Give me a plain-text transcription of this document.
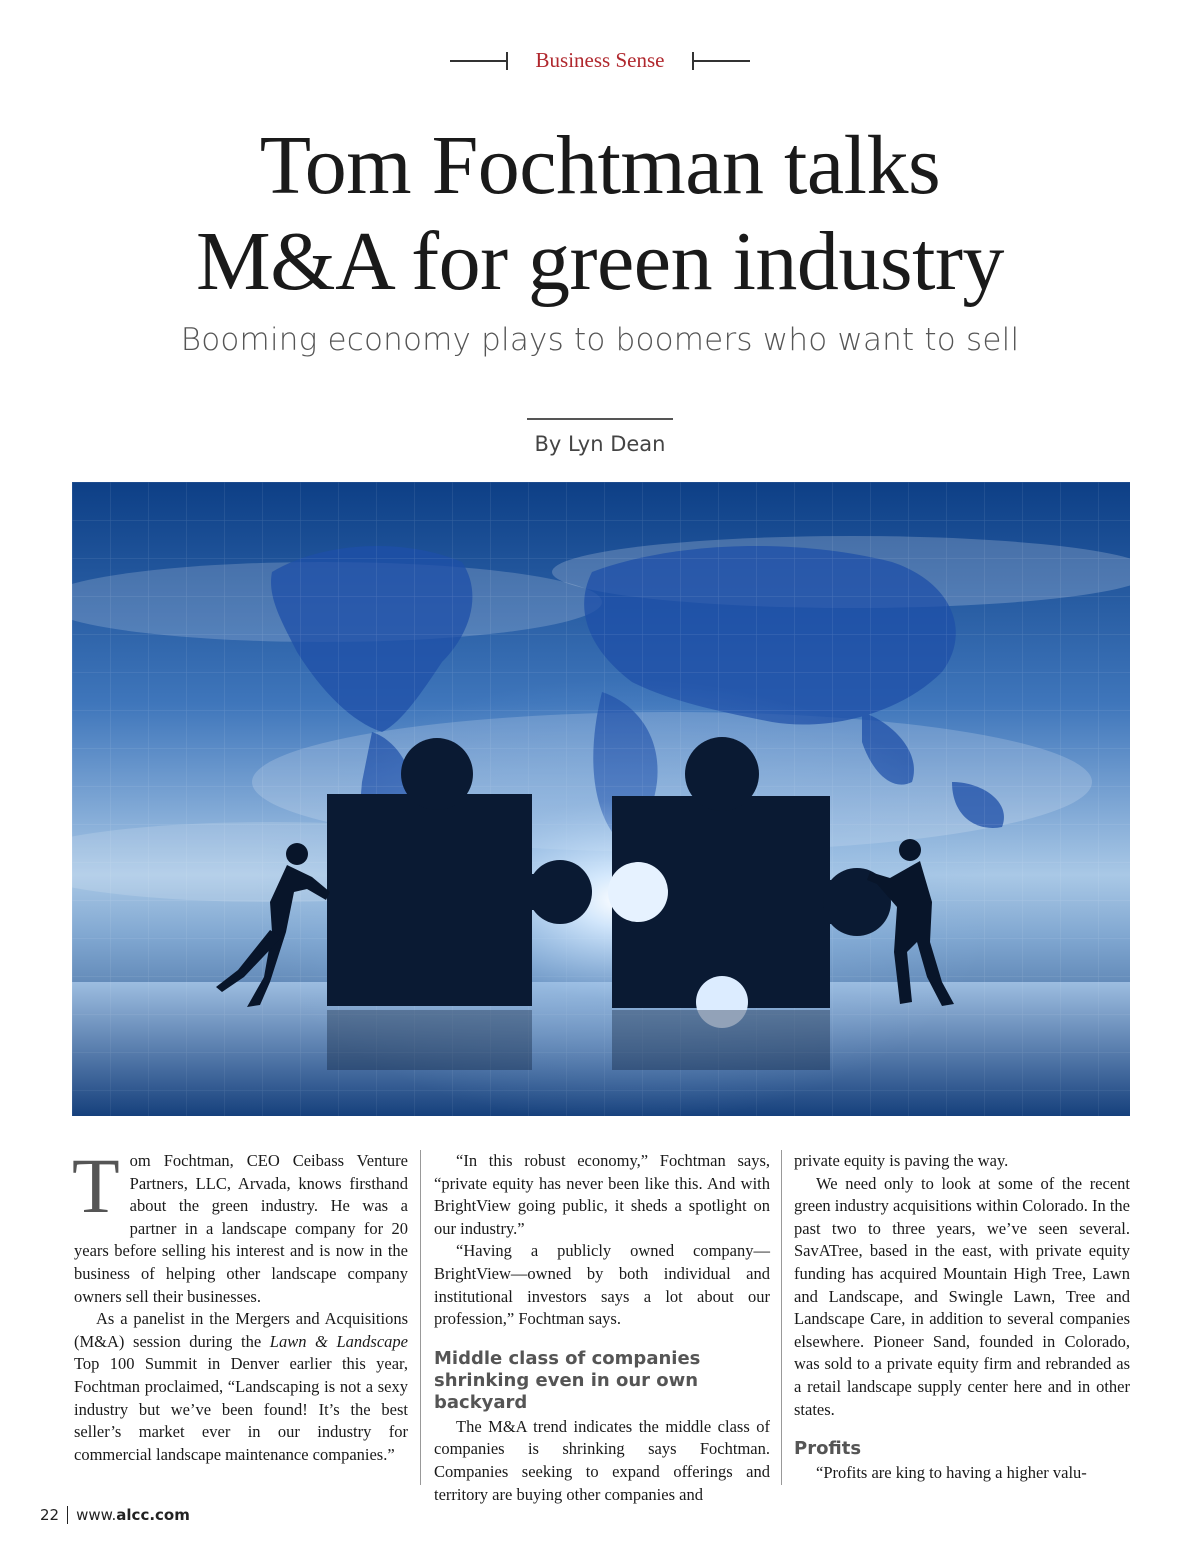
Business Sense
Tom Fochtman talks
M&A for green industry

Booming economy plays to boomers who want to sell

By Lyn Dean

Tom Fochtman, CEO Ceibass Venture Partners, LLC, Arvada, knows firsthand about the green industry. He was a partner in a landscape company for 20 years before selling his interest and is now in the business of helping other landscape company owners sell their businesses.

As a panelist in the Mergers and Acquisitions (M&A) session during the Lawn & Landscape Top 100 Summit in Denver earlier this year, Fochtman proclaimed, “Landscaping is not a sexy industry but we’ve been found! It’s the best seller’s market ever in our industry for commercial landscape maintenance companies.”

“In this robust economy,” Fochtman says, “private equity has never been like this. And with BrightView going public, it sheds a spotlight on our industry.”

“Having a publicly owned company—BrightView—owned by both individual and institutional investors says a lot about our profession,” Fochtman says.

Middle class of companies shrinking even in our own backyard

The M&A trend indicates the middle class of companies is shrinking says Fochtman. Companies seeking to expand offerings and territory are buying other companies and

private equity is paving the way.

We need only to look at some of the recent green industry acquisitions within Colorado. In the past two to three years, we’ve seen several. SavATree, based in the east, with private equity funding has acquired Mountain High Tree, Lawn and Landscape, and Swingle Lawn, Tree and Landscape Care, in addition to several companies elsewhere. Pioneer Sand, founded in Colorado, was sold to a private equity firm and rebranded as a retail landscape supply center here and in other states.

Profits

“Profits are king to having a higher valu-

22 www.alcc.com
